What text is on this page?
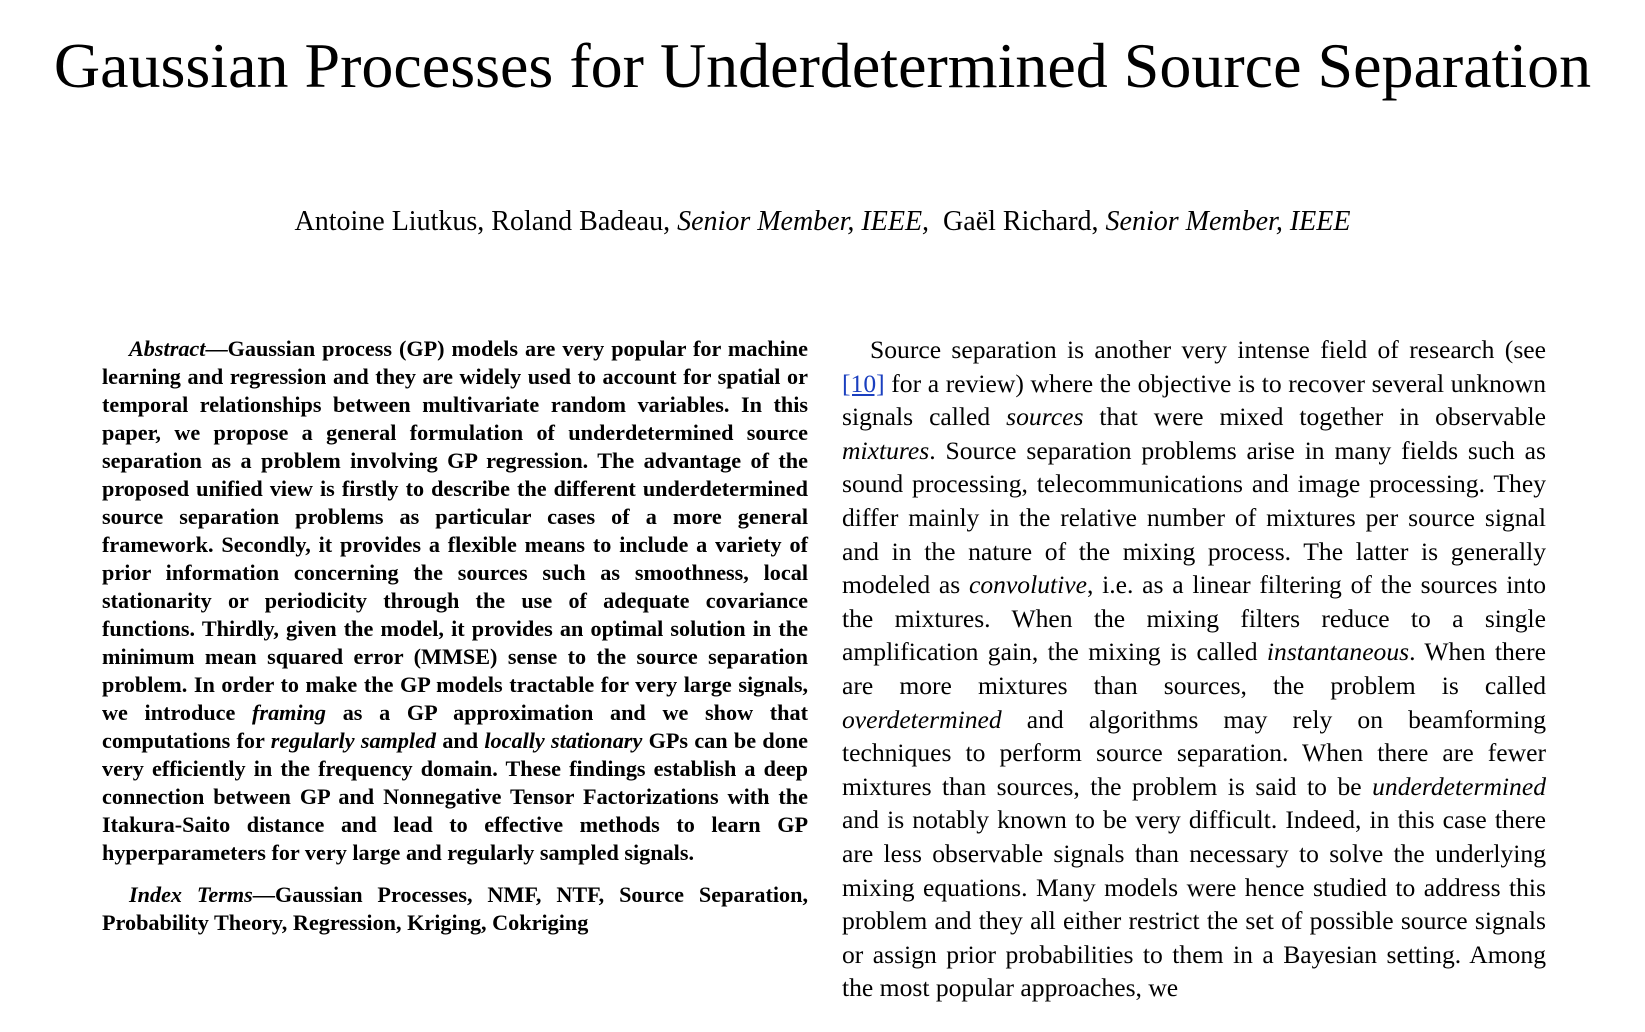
Gaussian Processes for Underdetermined Source Separation
Antoine Liutkus, Roland Badeau, Senior Member, IEEE, Gaël Richard, Senior Member, IEEE

Abstract—Gaussian process (GP) models are very popular for machine learning and regression and they are widely used to account for spatial or temporal relationships between multivariate random variables. In this paper, we propose a general formulation of underdetermined source separation as a problem involving GP regression. The advantage of the proposed unified view is firstly to describe the different underdetermined source separation problems as particular cases of a more general framework. Secondly, it provides a flexible means to include a variety of prior information concerning the sources such as smoothness, local stationarity or periodicity through the use of adequate covariance functions. Thirdly, given the model, it provides an optimal solution in the minimum mean squared error (MMSE) sense to the source separation problem. In order to make the GP models tractable for very large signals, we introduce framing as a GP approximation and we show that computations for regularly sampled and locally stationary GPs can be done very efficiently in the frequency domain. These findings establish a deep connection between GP and Nonnegative Tensor Factorizations with the Itakura-Saito distance and lead to effective methods to learn GP hyperparameters for very large and regularly sampled signals.

Index Terms—Gaussian Processes, NMF, NTF, Source Separation, Probability Theory, Regression, Kriging, Cokriging

Source separation is another very intense field of research (see [10] for a review) where the objective is to recover several unknown signals called sources that were mixed together in observable mixtures. Source separation problems arise in many fields such as sound processing, telecommunications and image processing. They differ mainly in the relative number of mixtures per source signal and in the nature of the mixing process. The latter is generally modeled as convolutive, i.e. as a linear filtering of the sources into the mixtures. When the mixing filters reduce to a single amplification gain, the mixing is called instantaneous. When there are more mixtures than sources, the problem is called overdetermined and algorithms may rely on beamforming techniques to perform source separation. When there are fewer mixtures than sources, the problem is said to be underdetermined and is notably known to be very difficult. Indeed, in this case there are less observable signals than necessary to solve the underlying mixing equations. Many models were hence studied to address this problem and they all either restrict the set of possible source signals or assign prior probabilities to them in a Bayesian setting. Among the most popular approaches, we
